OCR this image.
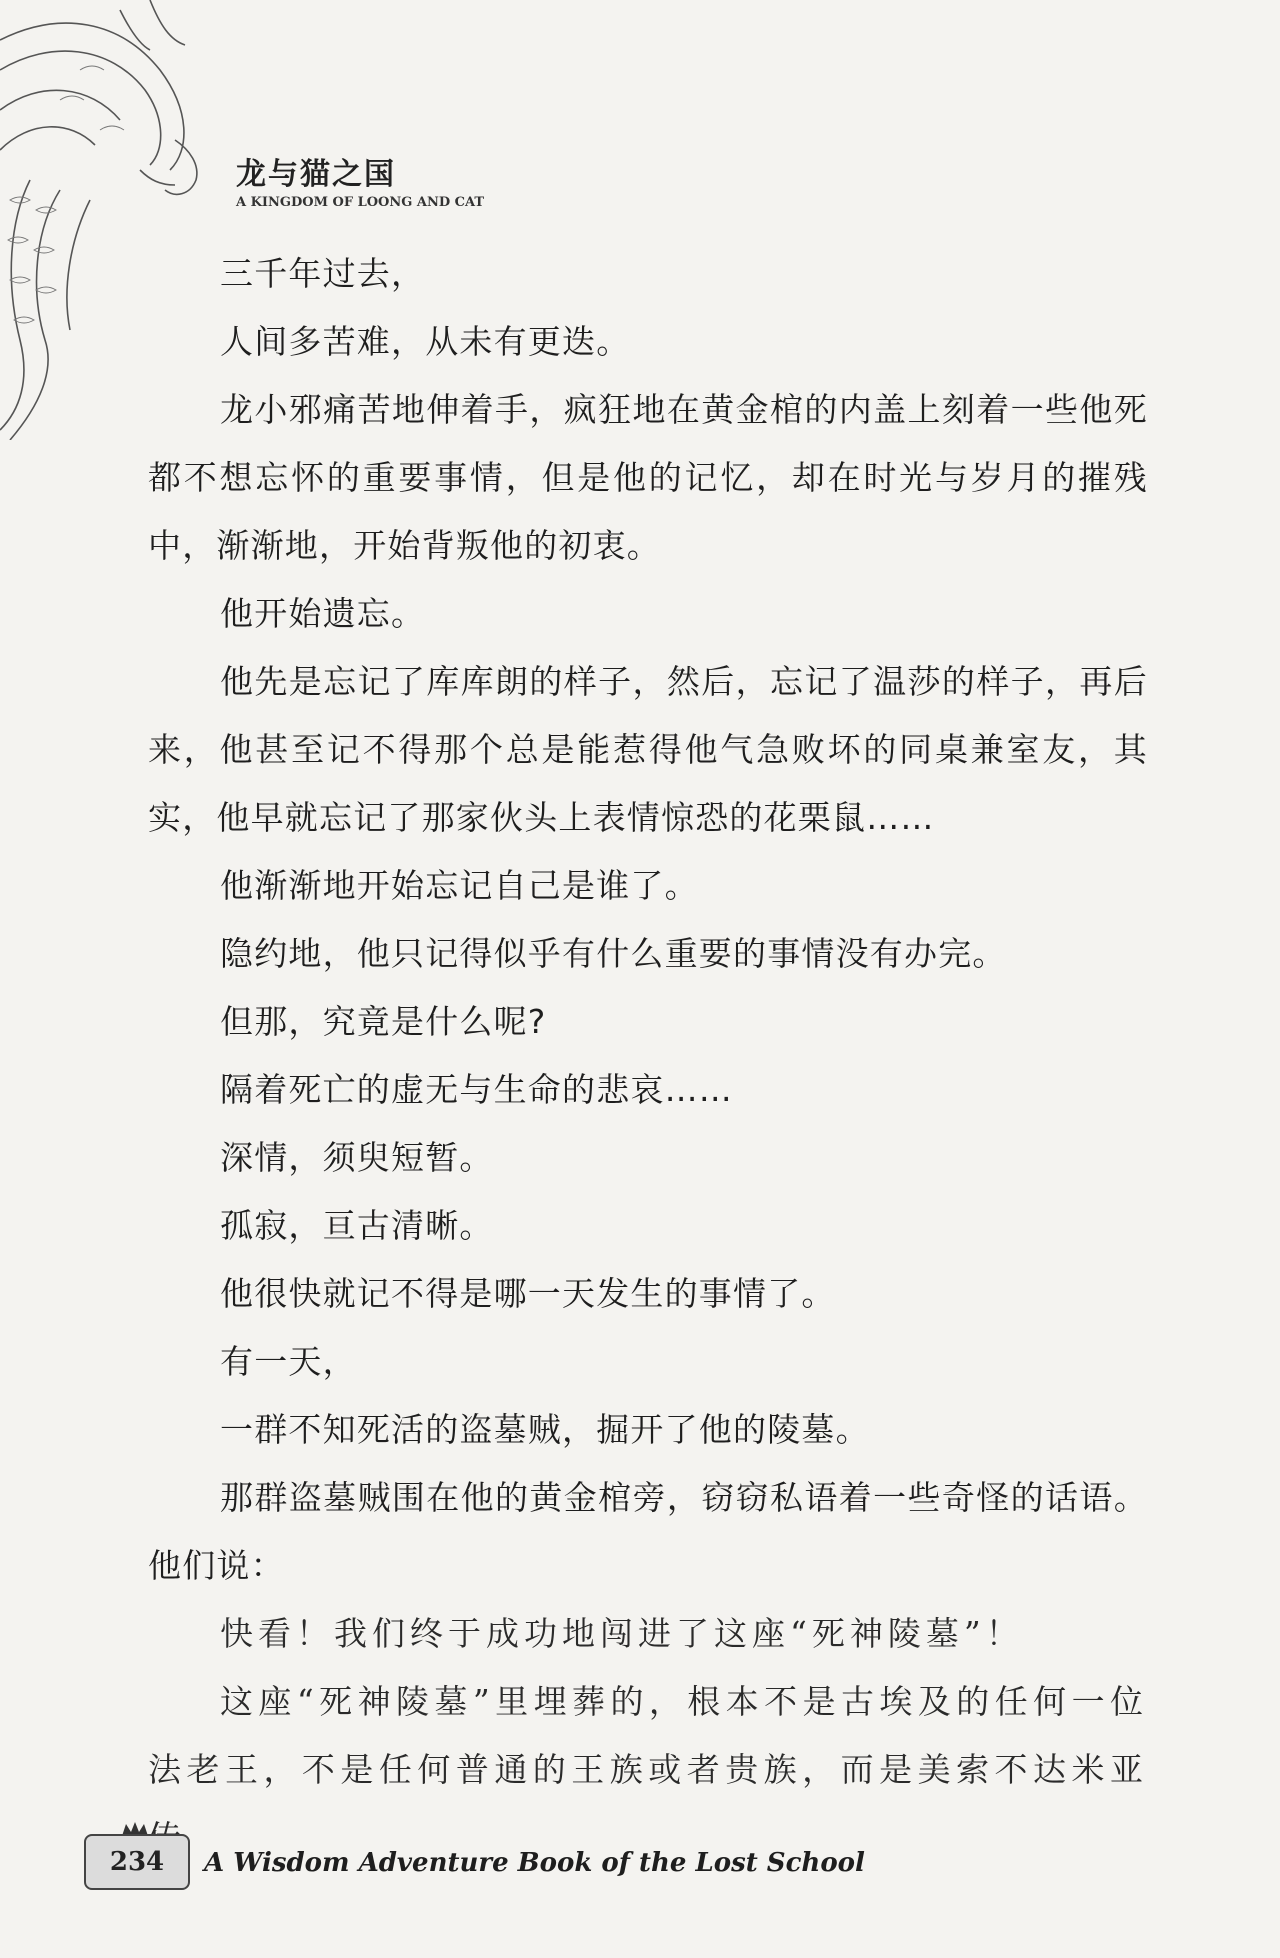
龙与猫之国
A KINGDOM OF LOONG AND CAT

三千年过去，

人间多苦难，从未有更迭。

龙小邪痛苦地伸着手，疯狂地在黄金棺的内盖上刻着一些他死都不想忘怀的重要事情，但是他的记忆，却在时光与岁月的摧残中，渐渐地，开始背叛他的初衷。

他开始遗忘。

他先是忘记了库库朗的样子，然后，忘记了温莎的样子，再后来，他甚至记不得那个总是能惹得他气急败坏的同桌兼室友，其实，他早就忘记了那家伙头上表情惊恐的花栗鼠……

他渐渐地开始忘记自己是谁了。

隐约地，他只记得似乎有什么重要的事情没有办完。

但那，究竟是什么呢?

隔着死亡的虚无与生命的悲哀……

深情，须臾短暂。

孤寂，亘古清晰。

他很快就记不得是哪一天发生的事情了。

有一天，

一群不知死活的盗墓贼，掘开了他的陵墓。

那群盗墓贼围在他的黄金棺旁，窃窃私语着一些奇怪的话语。他们说：

快看！我们终于成功地闯进了这座“死神陵墓”！

这座“死神陵墓”里埋葬的，根本不是古埃及的任何一位法老王，不是任何普通的王族或者贵族，而是美索不达米亚

234	A Wisdom Adventure Book of the Lost School
